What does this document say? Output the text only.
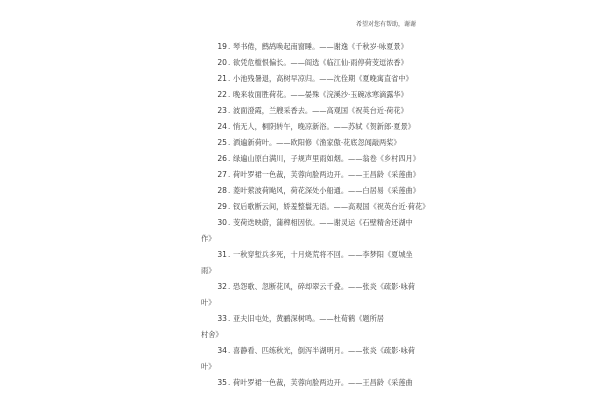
希望对您有帮助，谢谢
19 . 琴书倦，鹧鸪唤起南窗睡。——谢逸《千秋岁·咏夏景》
20 . 欲凭危槛恨偏长。——阎选《临江仙·雨停荷芰逗浓香》
21 . 小池残暑退，高树早凉归。——沈佺期《夏晚寓直省中》
22 . 晚来妆面胜荷花。——晏殊《浣溪沙·玉碗冰寒滴露华》
23 . 波面澄霞，兰艘采香去。——高观国《祝英台近·荷花》
24 . 悄无人，桐阴转午，晚凉新浴。——苏轼《贺新郎·夏景》
25 . 洒遍新荷叶。——欧阳修《渔家傲·花底忽闻敲两桨》
26 . 绿遍山原白满川，子规声里雨如烟。——翁卷《乡村四月》
27 . 荷叶罗裙一色裁，芙蓉向脸两边开。——王昌龄《采莲曲》
28 . 菱叶萦波荷飐风，荷花深处小船通。——白居易《采莲曲》
29 . 钗后歌断云间，娇羞整鬟无语。——高观国《祝英台近·荷花》
30 . 芰荷迭映蔚，蒲稗相因依。——谢灵运《石壁精舍还湖中
作》
31 . 一秋穿堑兵多死，十月烧荒将不回。——李梦阳《夏城坐
雨》
32 . 恐怨歌、忽断花风，碎却翠云千叠。——张炎《疏影·咏荷
叶》
33 . 亚夫旧屯处，黄鹂深树鸣。——杜荀鹤《题所居
村舍》
34 . 喜静看、匹练秋光，倒泻半湖明月。——张炎《疏影·咏荷
叶》
35 . 荷叶罗裙一色裁，芙蓉向脸两边开。——王昌龄《采莲曲
